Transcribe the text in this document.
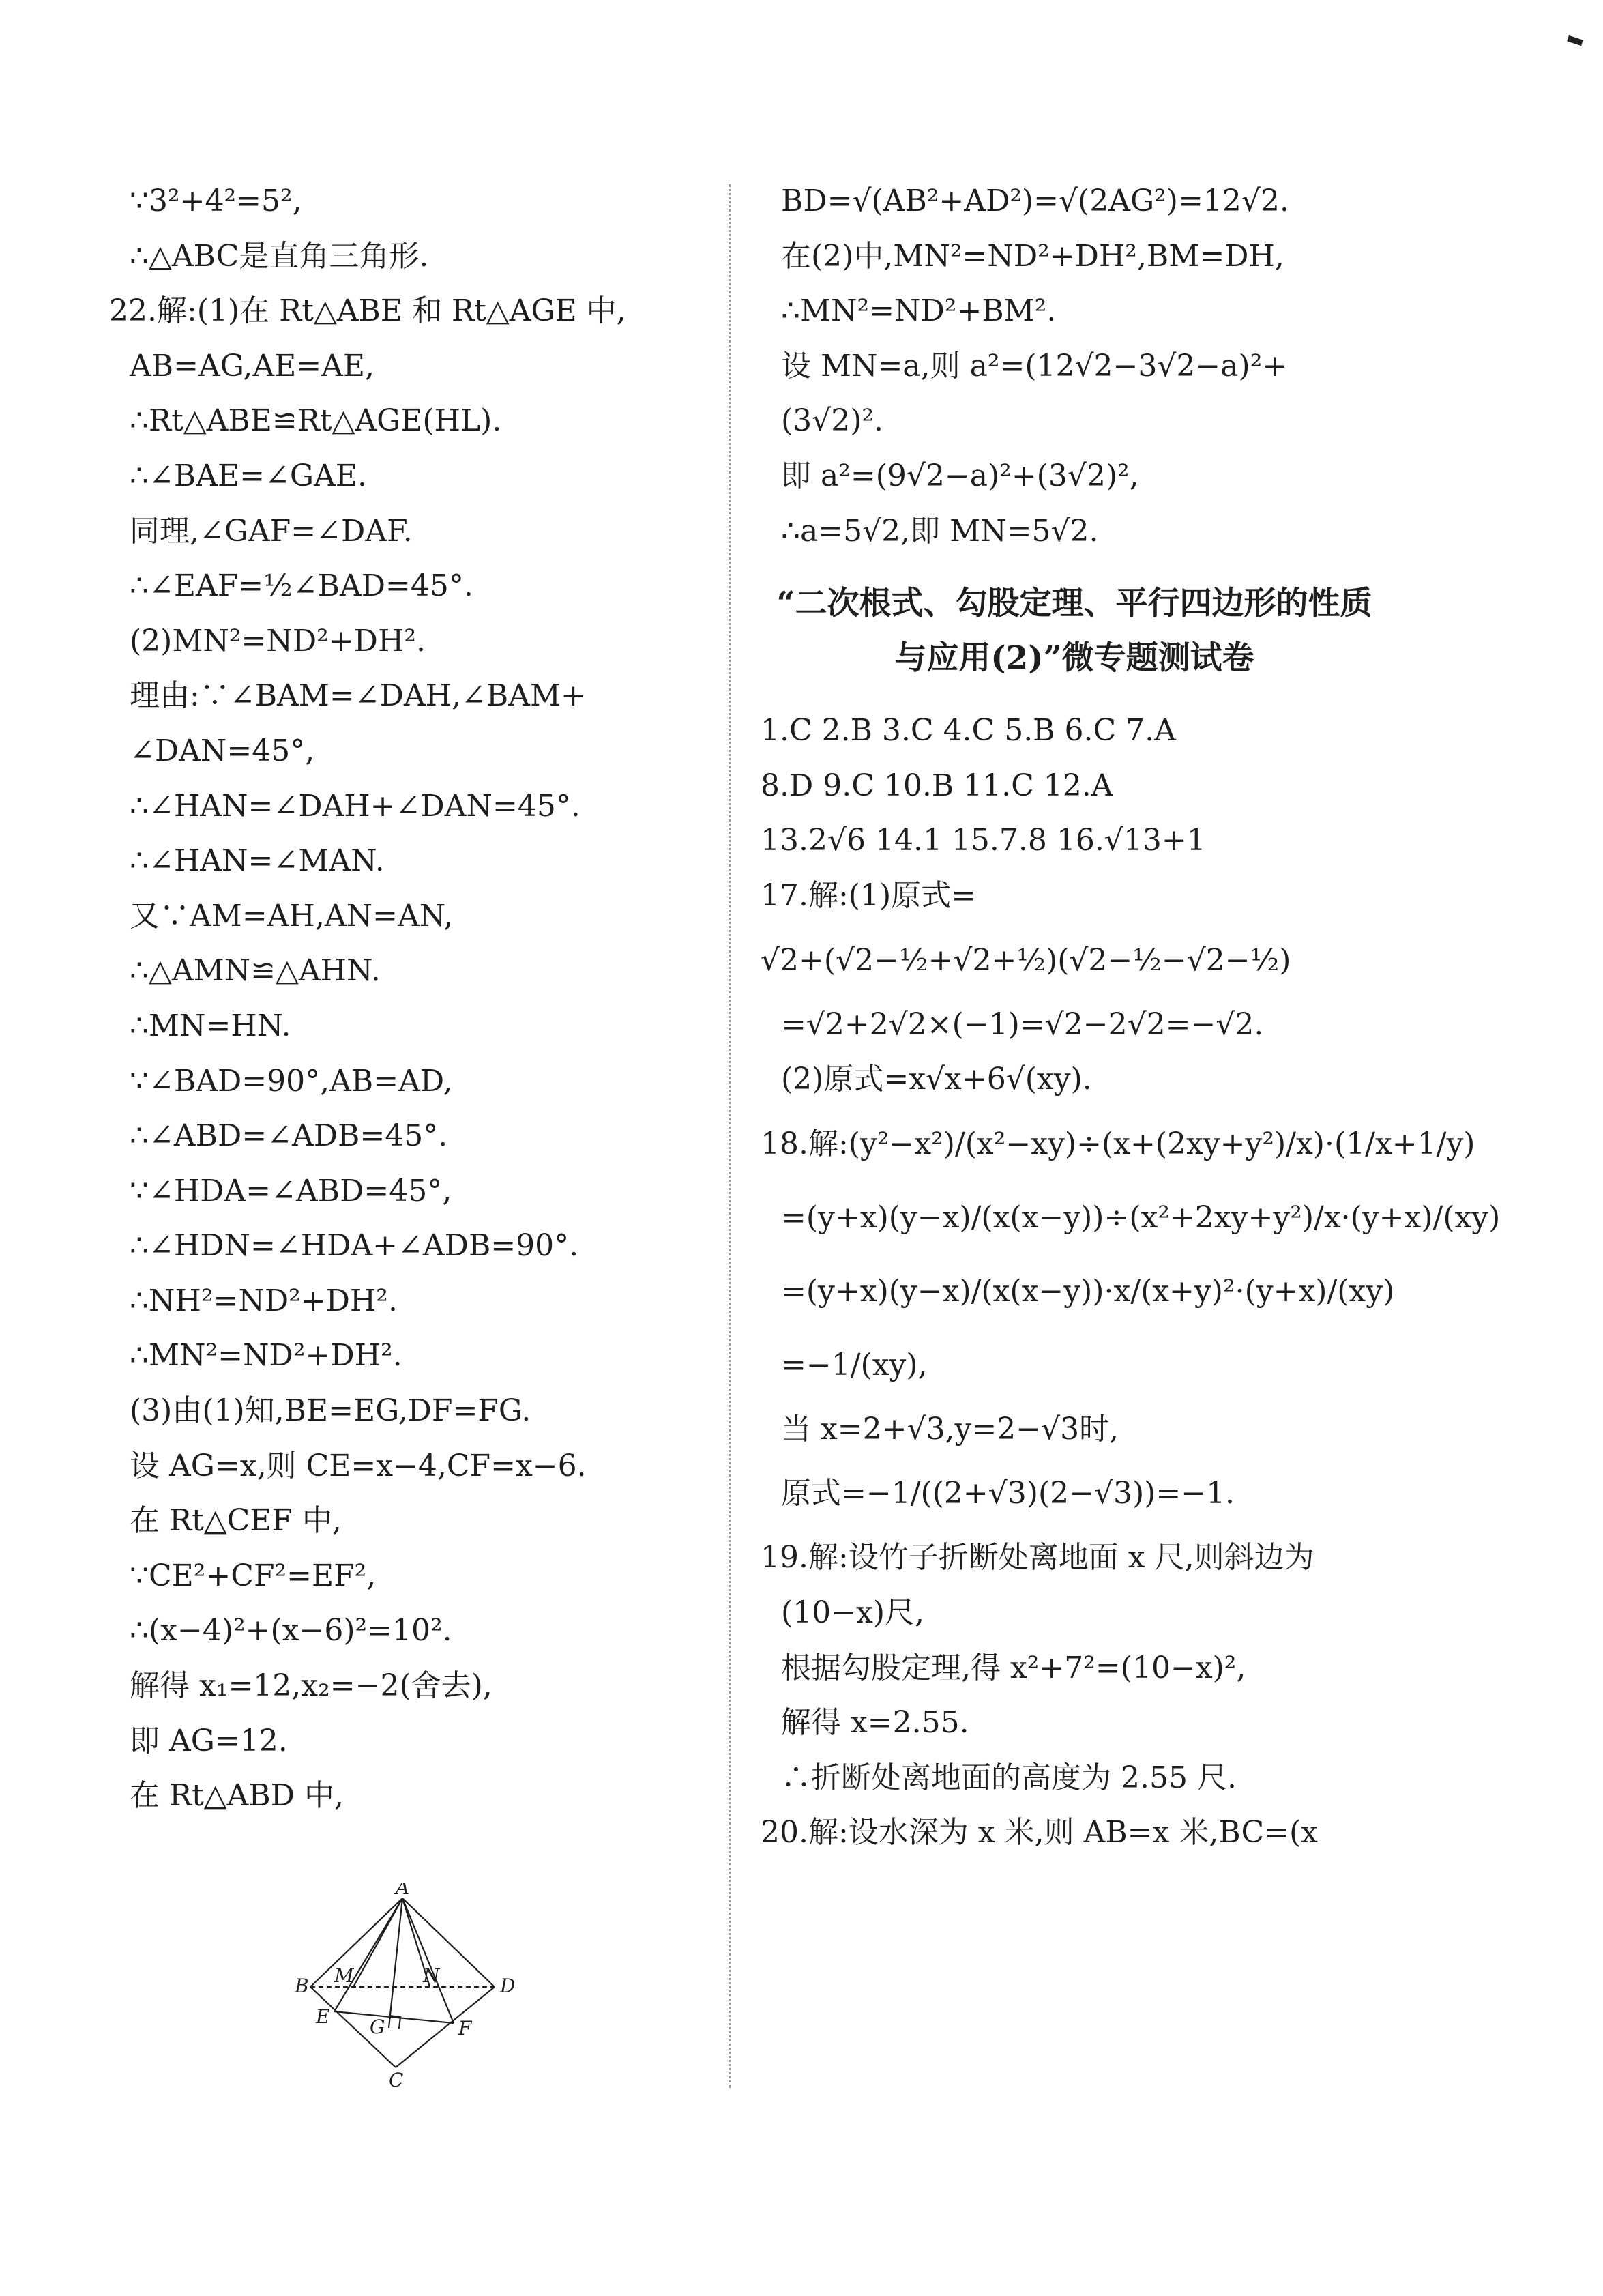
∵3²+4²=5²,
∴△ABC是直角三角形.
22.解:(1)在 Rt△ABE 和 Rt△AGE 中,
AB=AG,AE=AE,
∴Rt△ABE≌Rt△AGE(HL).
∴∠BAE=∠GAE.
同理,∠GAF=∠DAF.
∴∠EAF=½∠BAD=45°.
(2)MN²=ND²+DH².
理由:∵∠BAM=∠DAH,∠BAM+
∠DAN=45°,
∴∠HAN=∠DAH+∠DAN=45°.
∴∠HAN=∠MAN.
又∵AM=AH,AN=AN,
∴△AMN≌△AHN.
∴MN=HN.
∵∠BAD=90°,AB=AD,
∴∠ABD=∠ADB=45°.
∵∠HDA=∠ABD=45°,
∴∠HDN=∠HDA+∠ADB=90°.
∴NH²=ND²+DH².
∴MN²=ND²+DH².
(3)由(1)知,BE=EG,DF=FG.
设 AG=x,则 CE=x−4,CF=x−6.
在 Rt△CEF 中,
∵CE²+CF²=EF²,
∴(x−4)²+(x−6)²=10².
解得 x₁=12,x₂=−2(舍去),
即 AG=12.
在 Rt△ABD 中,
A
B M	N	D
E G	F
C
BD=√(AB²+AD²)=√(2AG²)=12√2.
在(2)中,MN²=ND²+DH²,BM=DH,
∴MN²=ND²+BM².
设 MN=a,则 a²=(12√2−3√2−a)²+
(3√2)².
即 a²=(9√2−a)²+(3√2)²,
∴a=5√2,即 MN=5√2.
“二次根式、勾股定理、平行四边形的性质
与应用(2)”微专题测试卷
1.C 2.B 3.C 4.C 5.B 6.C 7.A
8.D 9.C 10.B 11.C 12.A
13.2√6 14.1 15.7.8 16.√13+1
17.解:(1)原式=
√2+(√2−½+√2+½)(√2−½−√2−½)
=√2+2√2×(−1)=√2−2√2=−√2.
(2)原式=x√x+6√(xy).
18.解:(y²−x²)/(x²−xy)÷(x+(2xy+y²)/x)·(1/x+1/y)
=(y+x)(y−x)/(x(x−y))÷(x²+2xy+y²)/x·(y+x)/(xy)
=(y+x)(y−x)/(x(x−y))·x/(x+y)²·(y+x)/(xy)
=−1/(xy),
当 x=2+√3,y=2−√3时,
原式=−1/((2+√3)(2−√3))=−1.
19.解:设竹子折断处离地面 x 尺,则斜边为
(10−x)尺,
根据勾股定理,得 x²+7²=(10−x)²,
解得 x=2.55.
∴折断处离地面的高度为 2.55 尺.
20.解:设水深为 x 米,则 AB=x 米,BC=(x
